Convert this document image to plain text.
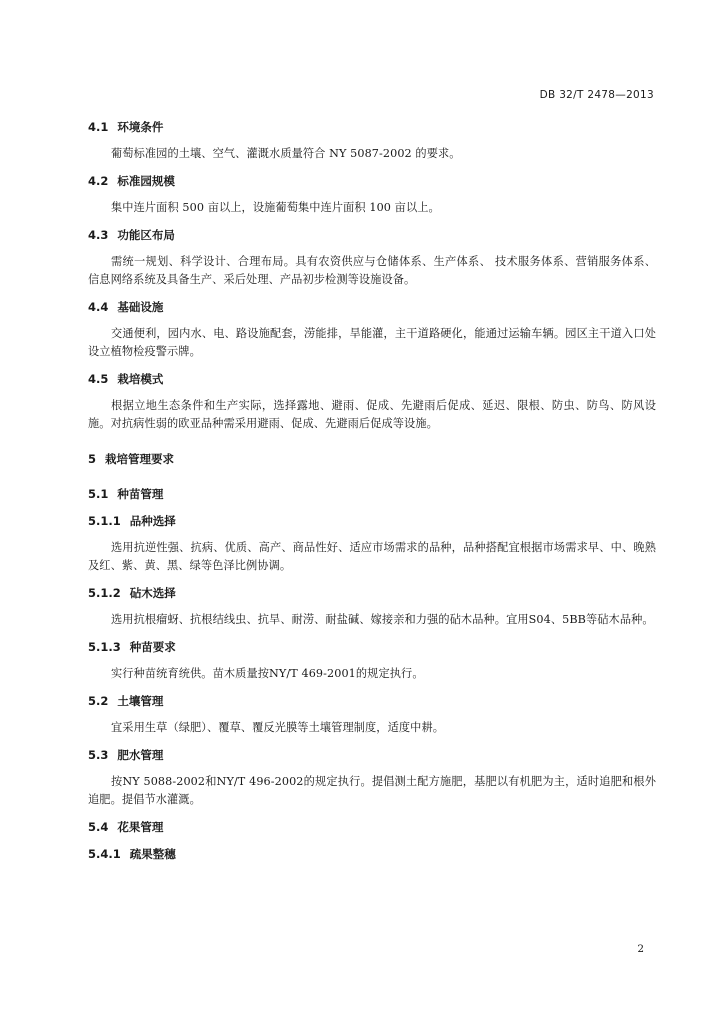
DB 32/T 2478—2013
4.1 环境条件

葡萄标准园的土壤、空气、灌溉水质量符合 NY 5087-2002 的要求。

4.2 标准园规模

集中连片面积 500 亩以上，设施葡萄集中连片面积 100 亩以上。

4.3 功能区布局

需统一规划、科学设计、合理布局。具有农资供应与仓储体系、生产体系、 技术服务体系、营销服务体系、 信息网络系统及具备生产、采后处理、产品初步检测等设施设备。

4.4 基础设施

交通便利，园内水、电、路设施配套，涝能排，旱能灌，主干道路硬化，能通过运输车辆。园区主干道入口处设立植物检疫警示牌。

4.5 栽培模式

根据立地生态条件和生产实际，选择露地、避雨、促成、先避雨后促成、延迟、限根、防虫、防鸟、防风设施。对抗病性弱的欧亚品种需采用避雨、促成、先避雨后促成等设施。

5 栽培管理要求
5.1 种苗管理
5.1.1 品种选择

选用抗逆性强、抗病、优质、高产、商品性好、适应市场需求的品种，品种搭配宜根据市场需求早、中、晚熟及红、紫、黄、黑、绿等色泽比例协调。

5.1.2 砧木选择

选用抗根瘤蚜、抗根结线虫、抗旱、耐涝、耐盐碱、嫁接亲和力强的砧木品种。宜用S04、5BB等砧木品种。

5.1.3 种苗要求

实行种苗统育统供。苗木质量按NY/T 469-2001的规定执行。

5.2 土壤管理

宜采用生草（绿肥）、覆草、覆反光膜等土壤管理制度，适度中耕。

5.3 肥水管理

按NY 5088-2002和NY/T 496-2002的规定执行。提倡测土配方施肥，基肥以有机肥为主，适时追肥和根外追肥。提倡节水灌溉。

5.4 花果管理
5.4.1 疏果整穗
2
